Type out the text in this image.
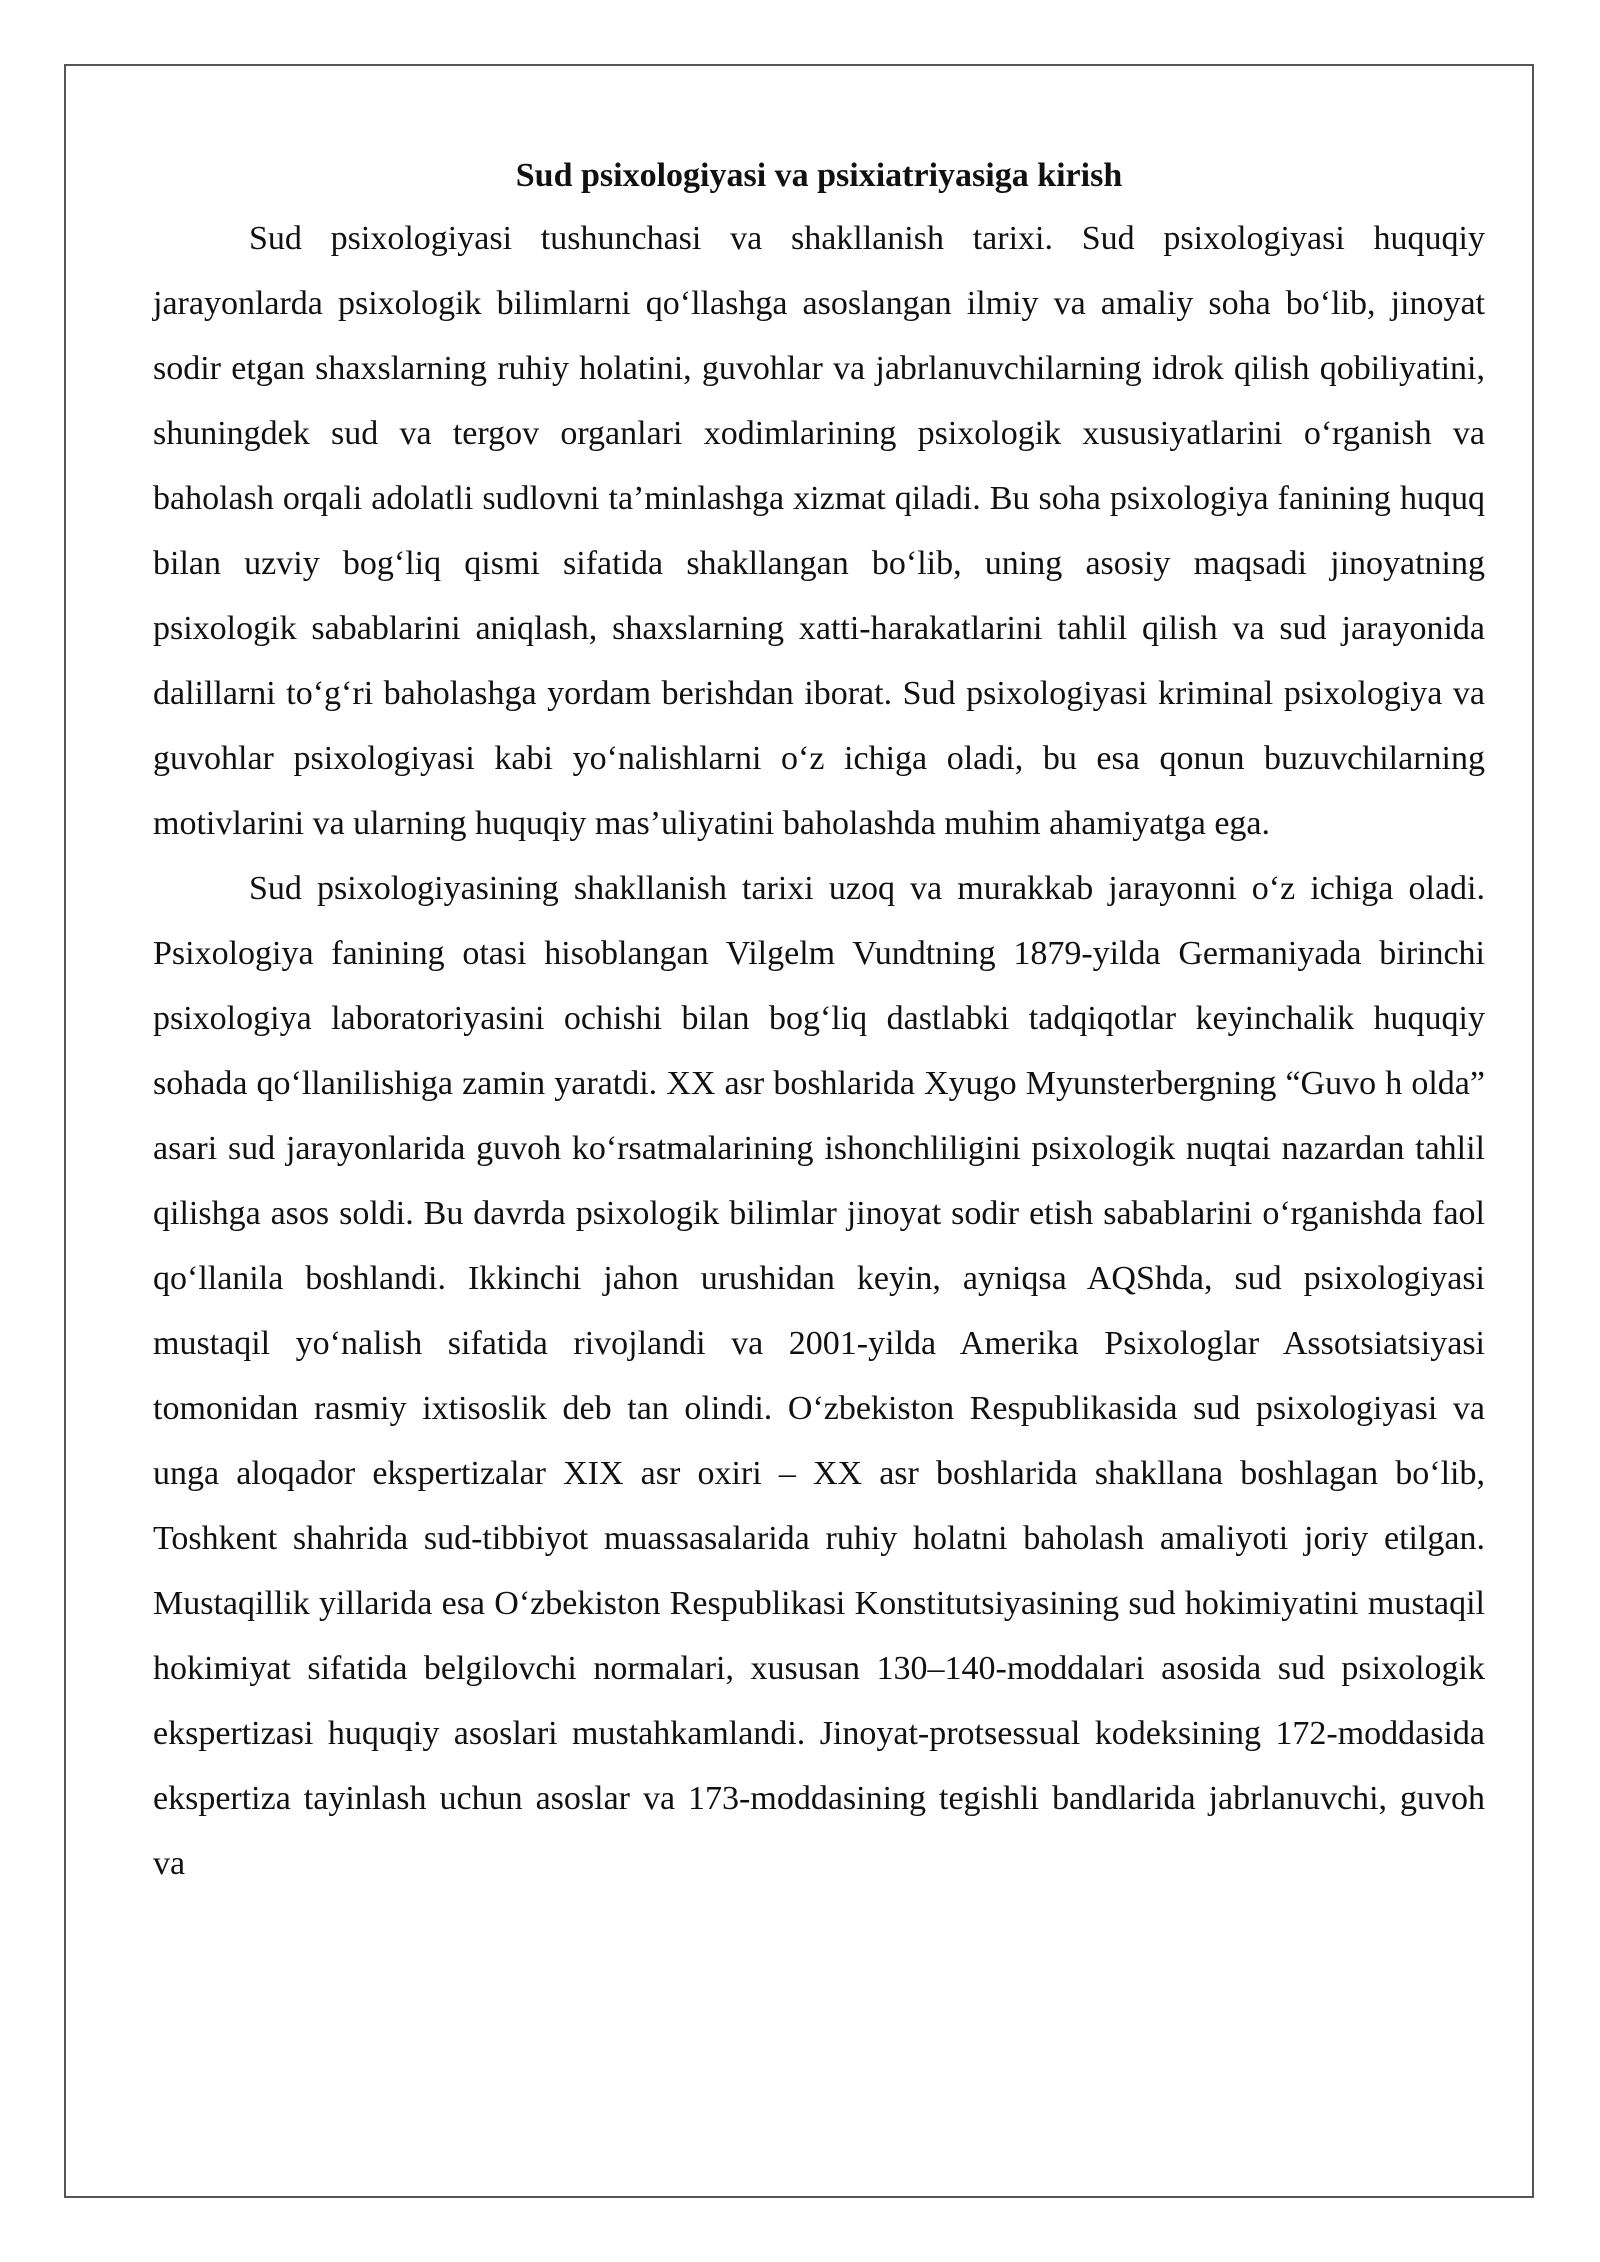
Sud psixologiyasi va psixiatriyasiga kirish

Sud psixologiyasi tushunchasi va shakllanish tarixi. Sud psixologiyasi huquqiy jarayonlarda psixologik bilimlarni qo‘llashga asoslangan ilmiy va amaliy soha bo‘lib, jinoyat sodir etgan shaxslarning ruhiy holatini, guvohlar va jabrlanuvchilarning idrok qilish qobiliyatini, shuningdek sud va tergov organlari xodimlarining psixologik xususiyatlarini o‘rganish va baholash orqali adolatli sudlovni ta’minlashga xizmat qiladi. Bu soha psixologiya fanining huquq bilan uzviy bog‘liq qismi sifatida shakllangan bo‘lib, uning asosiy maqsadi jinoyatning psixologik sabablarini aniqlash, shaxslarning xatti-harakatlarini tahlil qilish va sud jarayonida dalillarni to‘g‘ri baholashga yordam berishdan iborat. Sud psixologiyasi kriminal psixologiya va guvohlar psixologiyasi kabi yo‘nalishlarni o‘z ichiga oladi, bu esa qonun buzuvchilarning motivlarini va ularning huquqiy mas’uliyatini baholashda muhim ahamiyatga ega.

Sud psixologiyasining shakllanish tarixi uzoq va murakkab jarayonni o‘z ichiga oladi. Psixologiya fanining otasi hisoblangan Vilgelm Vundtning 1879-yilda Germaniyada birinchi psixologiya laboratoriyasini ochishi bilan bog‘liq dastlabki tadqiqotlar keyinchalik huquqiy sohada qo‘llanilishiga zamin yaratdi. XX asr boshlarida Xyugo Myunsterbergning “Guvo h olda” asari sud jarayonlarida guvoh ko‘rsatmalarining ishonchliligini psixologik nuqtai nazardan tahlil qilishga asos soldi. Bu davrda psixologik bilimlar jinoyat sodir etish sabablarini o‘rganishda faol qo‘llanila boshlandi. Ikkinchi jahon urushidan keyin, ayniqsa AQShda, sud psixologiyasi mustaqil yo‘nalish sifatida rivojlandi va 2001-yilda Amerika Psixologlar Assotsiatsiyasi tomonidan rasmiy ixtisoslik deb tan olindi. O‘zbekiston Respublikasida sud psixologiyasi va unga aloqador ekspertizalar XIX asr oxiri – XX asr boshlarida shakllana boshlagan bo‘lib, Toshkent shahrida sud-tibbiyot muassasalarida ruhiy holatni baholash amaliyoti joriy etilgan. Mustaqillik yillarida esa O‘zbekiston Respublikasi Konstitutsiyasining sud hokimiyatini mustaqil hokimiyat sifatida belgilovchi normalari, xususan 130–140-moddalari asosida sud psixologik ekspertizasi huquqiy asoslari mustahkamlandi. Jinoyat-protsessual kodeksining 172-moddasida ekspertiza tayinlash uchun asoslar va 173-moddasining tegishli bandlarida jabrlanuvchi, guvoh va
